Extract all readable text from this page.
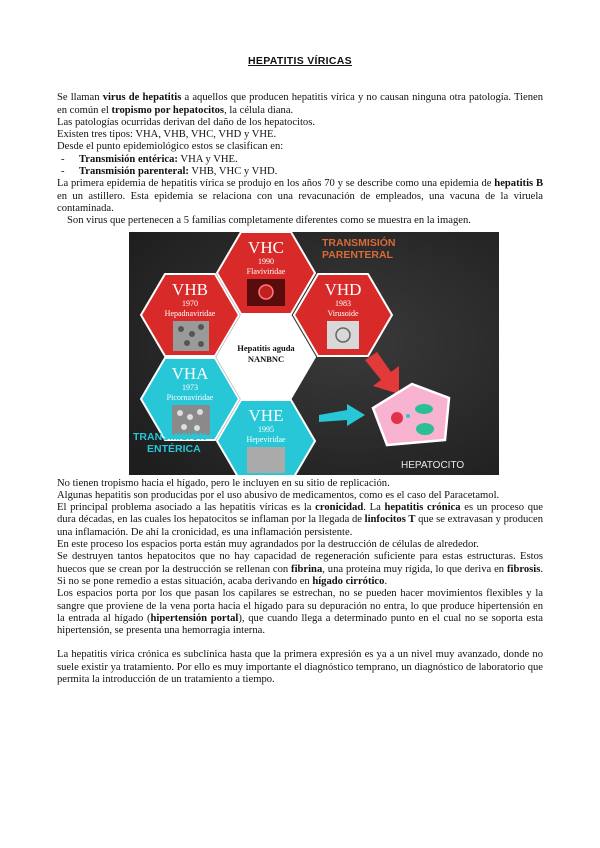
HEPATITIS VÍRICAS

Se llaman virus de hepatitis a aquellos que producen hepatitis vírica y no causan ninguna otra patología. Tienen en común el tropismo por hepatocitos, la célula diana.

Las patologías ocurridas derivan del daño de los hepatocitos.

Existen tres tipos: VHA, VHB, VHC, VHD y VHE.

Desde el punto epidemiológico estos se clasifican en:

- Transmisión entérica: VHA y VHE.

- Transmisión parenteral: VHB, VHC y VHD.

La primera epidemia de hepatitis vírica se produjo en los años 70 y se describe como una epidemia de hepatitis B en un astillero. Esta epidemia se relaciona con una revacunación de empleados, una vacuna de la viruela contaminada.

Son virus que pertenecen a 5 familias completamente diferentes como se muestra en la imagen.

TRANSMISIÓN
PARENTERAL
VHC
1990
Flaviviridae
VHB
1970
Hepadnaviridae
VHD
1983
Virusoide
Hepatitis aguda
NANBNC
VHA
1973
Picornaviridae
VHE
1995
Hepeviridae
TRANSMISIÓN
ENTÉRICA
HEPATOCITO

No tienen tropismo hacia el hígado, pero le incluyen en su sitio de replicación.

Algunas hepatitis son producidas por el uso abusivo de medicamentos, como es el caso del Paracetamol.

El principal problema asociado a las hepatitis víricas es la cronicidad. La hepatitis crónica es un proceso que dura décadas, en las cuales los hepatocitos se inflaman por la llegada de linfocitos T que se extravasan y producen una inflamación. De ahí la cronicidad, es una inflamación persistente.

En este proceso los espacios porta están muy agrandados por la destrucción de células de alrededor.

Se destruyen tantos hepatocitos que no hay capacidad de regeneración suficiente para estas estructuras. Estos huecos que se crean por la destrucción se rellenan con fibrina, una proteína muy rígida, lo que deriva en fibrosis. Si no se pone remedio a estas situación, acaba derivando en hígado cirrótico.

Los espacios porta por los que pasan los capilares se estrechan, no se pueden hacer movimientos flexibles y la sangre que proviene de la vena porta hacia el hígado para su depuración no entra, lo que produce hipertensión en la entrada al hígado (hipertensión portal), que cuando llega a determinado punto en el cual no se soporta esta hipertensión, se presenta una hemorragia interna.

La hepatitis vírica crónica es subclínica hasta que la primera expresión es ya a un nivel muy avanzado, donde no suele existir ya tratamiento. Por ello es muy importante el diagnóstico temprano, un diagnóstico de laboratorio que permita la introducción de un tratamiento a tiempo.
